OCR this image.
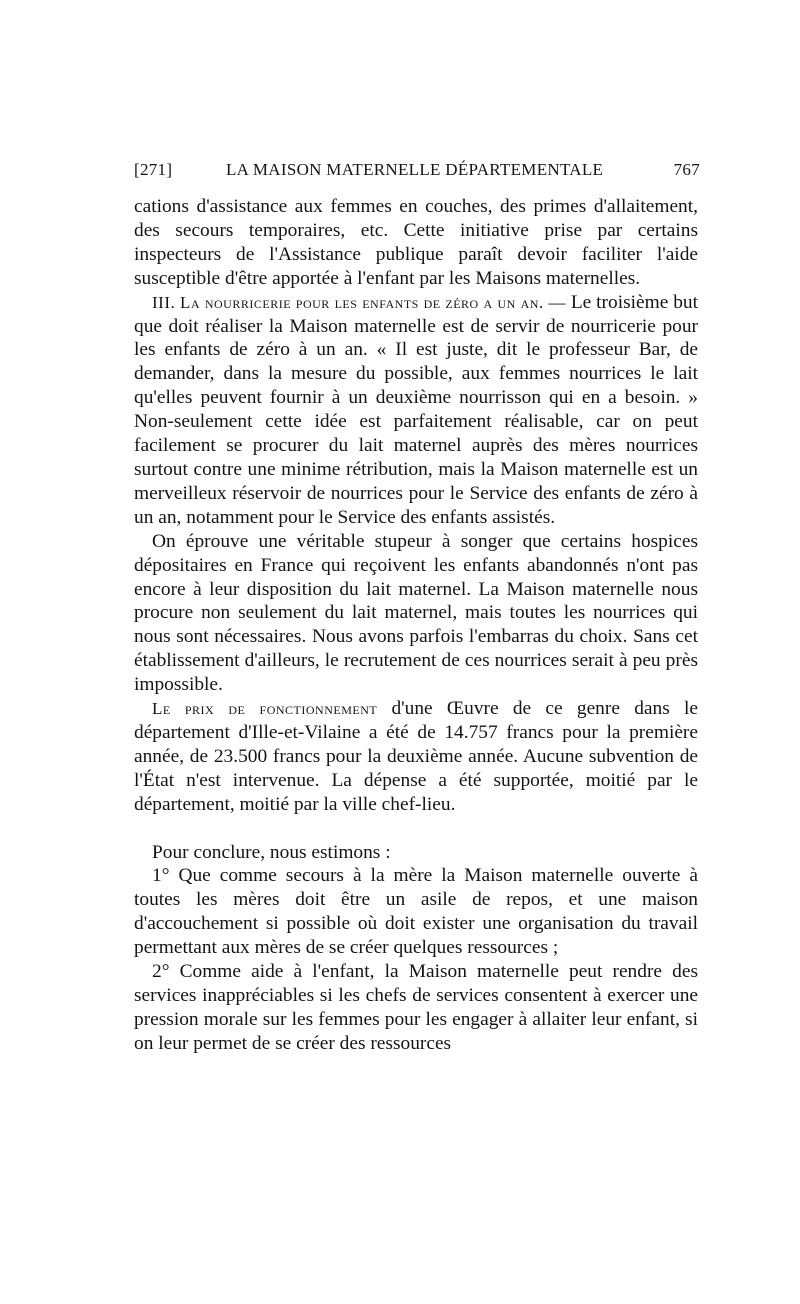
[271]	LA MAISON MATERNELLE DÉPARTEMENTALE	767

cations d'assistance aux femmes en couches, des primes d'allaitement, des secours temporaires, etc. Cette initiative prise par certains inspecteurs de l'Assistance publique paraît devoir faciliter l'aide susceptible d'être apportée à l'enfant par les Maisons maternelles.

III. La nourricerie pour les enfants de zéro a un an. — Le troisième but que doit réaliser la Maison maternelle est de servir de nourricerie pour les enfants de zéro à un an. « Il est juste, dit le professeur Bar, de demander, dans la mesure du possible, aux femmes nourrices le lait qu'elles peuvent fournir à un deuxième nourrisson qui en a besoin. » Non-seulement cette idée est parfaitement réalisable, car on peut facilement se procurer du lait maternel auprès des mères nourrices surtout contre une minime rétribution, mais la Maison maternelle est un merveilleux réservoir de nourrices pour le Service des enfants de zéro à un an, notamment pour le Service des enfants assistés.

On éprouve une véritable stupeur à songer que certains hospices dépositaires en France qui reçoivent les enfants abandonnés n'ont pas encore à leur disposition du lait maternel. La Maison maternelle nous procure non seulement du lait maternel, mais toutes les nourrices qui nous sont nécessaires. Nous avons parfois l'embarras du choix. Sans cet établissement d'ailleurs, le recrutement de ces nourrices serait à peu près impossible.

Le prix de fonctionnement d'une Œuvre de ce genre dans le département d'Ille-et-Vilaine a été de 14.757 francs pour la première année, de 23.500 francs pour la deuxième année. Aucune subvention de l'État n'est intervenue. La dépense a été supportée, moitié par le département, moitié par la ville chef-lieu.

Pour conclure, nous estimons :

1° Que comme secours à la mère la Maison maternelle ouverte à toutes les mères doit être un asile de repos, et une maison d'accouchement si possible où doit exister une organisation du travail permettant aux mères de se créer quelques ressources ;

2° Comme aide à l'enfant, la Maison maternelle peut rendre des services inappréciables si les chefs de services consentent à exercer une pression morale sur les femmes pour les engager à allaiter leur enfant, si on leur permet de se créer des ressources
